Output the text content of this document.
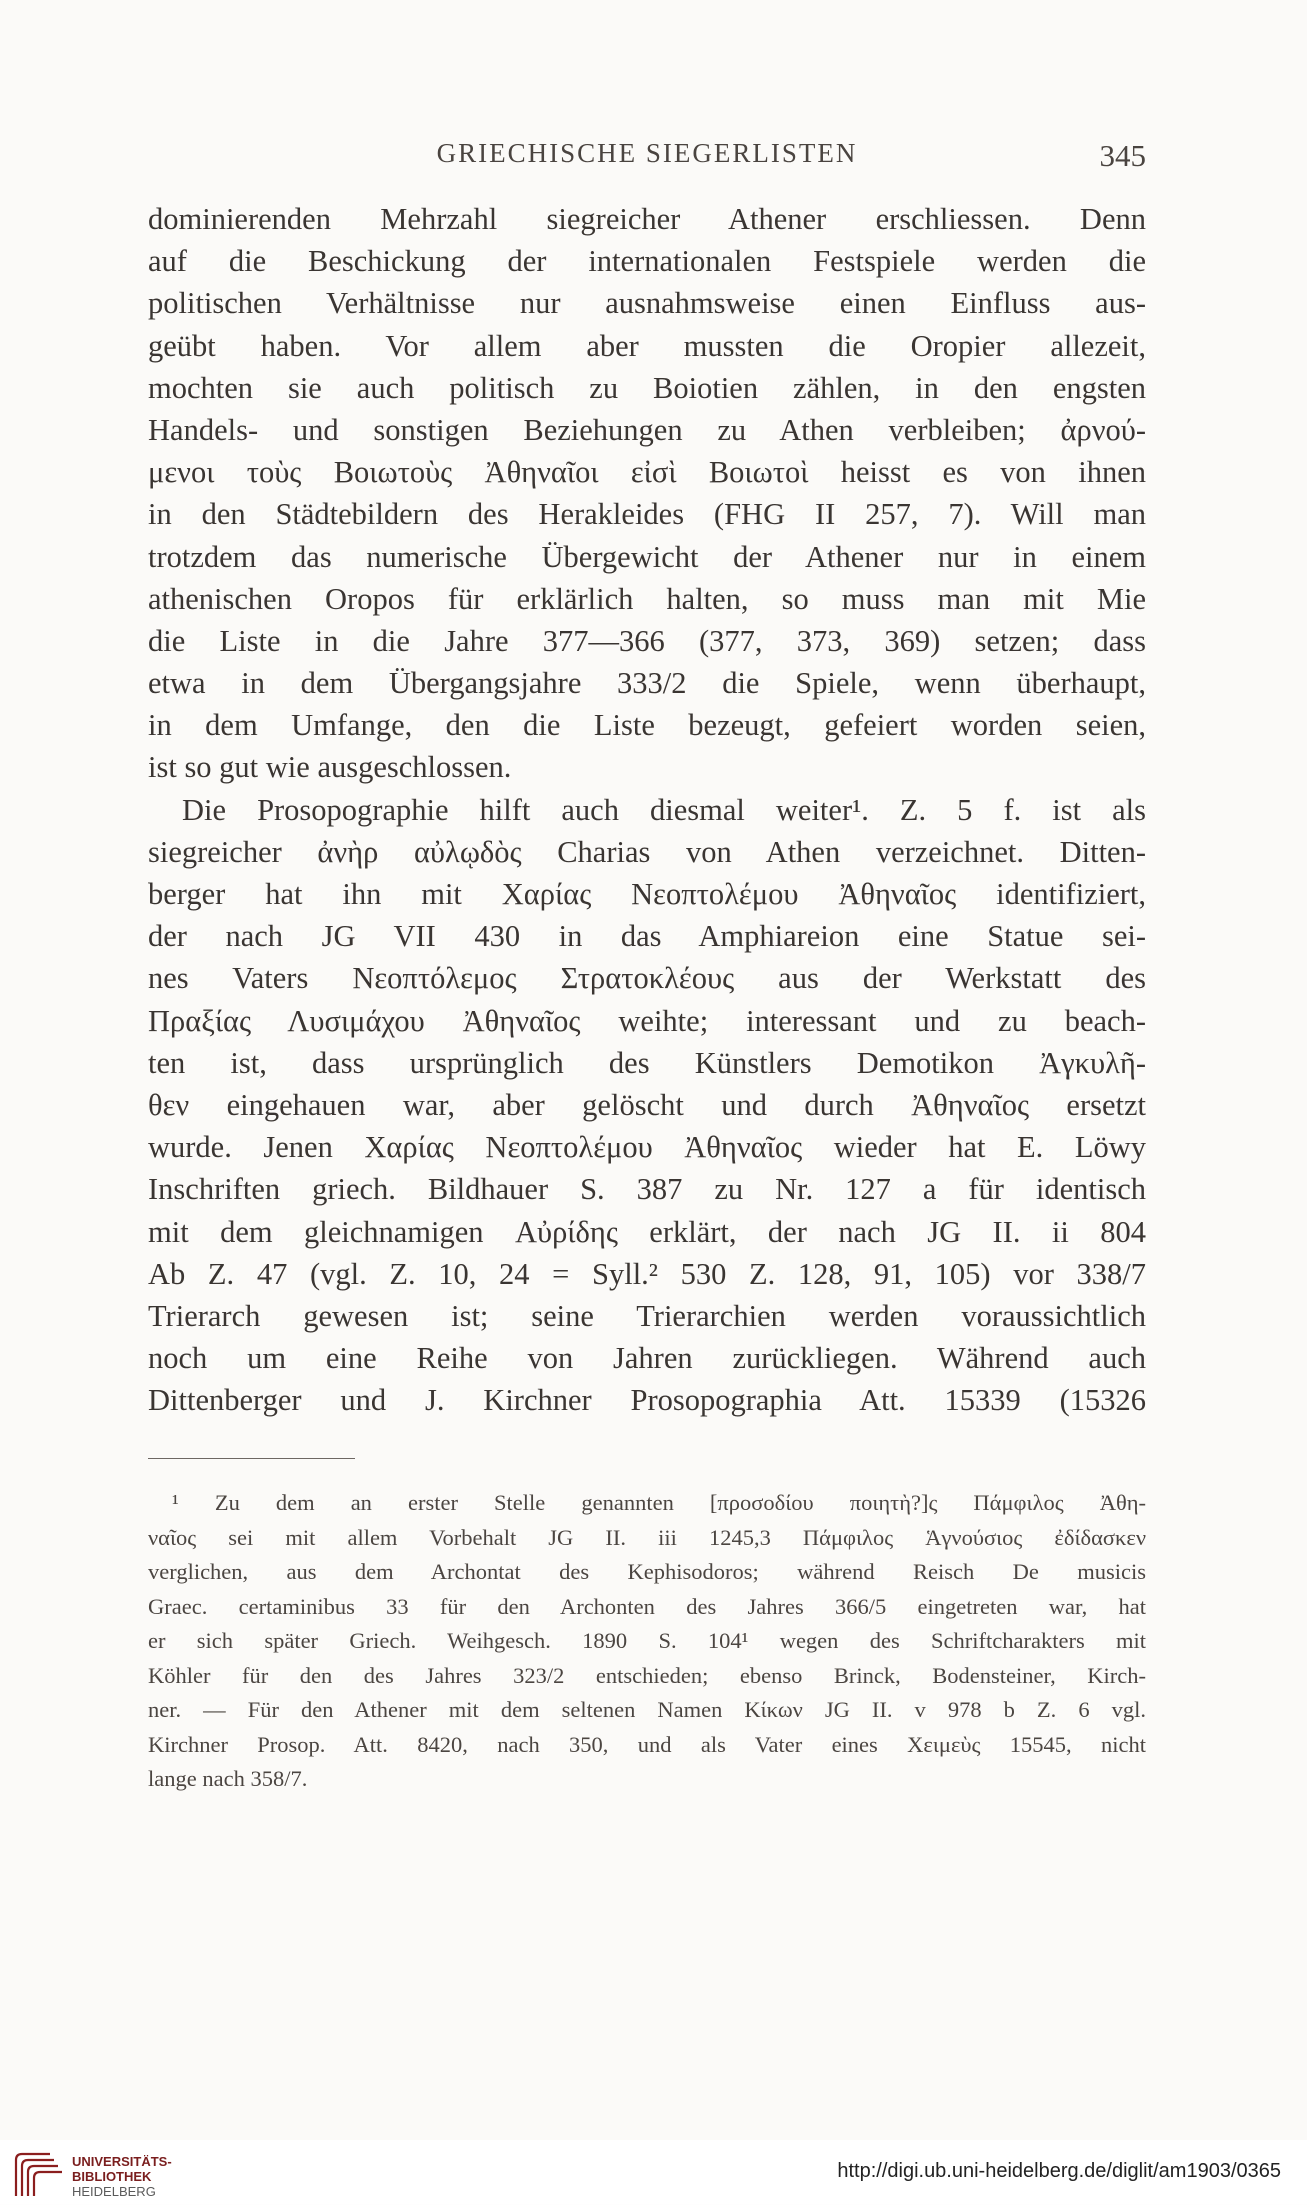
GRIECHISCHE SIEGERLISTEN	345
dominierenden Mehrzahl siegreicher Athener erschliessen. Denn
auf die Beschickung der internationalen Festspiele werden die
politischen Verhältnisse nur ausnahmsweise einen Einfluss aus-
geübt haben. Vor allem aber mussten die Oropier allezeit,
mochten sie auch politisch zu Boiotien zählen, in den engsten
Handels- und sonstigen Beziehungen zu Athen verbleiben; ἀρνού-
μενοι τοὺς Βοιωτοὺς Ἀθηναῖοι εἰσὶ Βοιωτοὶ heisst es von ihnen
in den Städtebildern des Herakleides (FHG II 257, 7). Will man
trotzdem das numerische Übergewicht der Athener nur in einem
athenischen Oropos für erklärlich halten, so muss man mit Mie
die Liste in die Jahre 377—366 (377, 373, 369) setzen; dass
etwa in dem Übergangsjahre 333/2 die Spiele, wenn überhaupt,
in dem Umfange, den die Liste bezeugt, gefeiert worden seien,
ist so gut wie ausgeschlossen.
Die Prosopographie hilft auch diesmal weiter¹. Z. 5 f. ist als
siegreicher ἀνὴρ αὐλῳδὸς Charias von Athen verzeichnet. Ditten-
berger hat ihn mit Χαρίας Νεοπτολέμου Ἀθηναῖος identifiziert,
der nach JG VII 430 in das Amphiareion eine Statue sei-
nes Vaters Νεοπτόλεμος Στρατοκλέους aus der Werkstatt des
Πραξίας Λυσιμάχου Ἀθηναῖος weihte; interessant und zu beach-
ten ist, dass ursprünglich des Künstlers Demotikon Ἀγκυλῆ-
θεν eingehauen war, aber gelöscht und durch Ἀθηναῖος ersetzt
wurde. Jenen Χαρίας Νεοπτολέμου Ἀθηναῖος wieder hat E. Löwy
Inschriften griech. Bildhauer S. 387 zu Nr. 127 a für identisch
mit dem gleichnamigen Αὐρίδης erklärt, der nach JG II. ii 804
Ab Z. 47 (vgl. Z. 10, 24 = Syll.² 530 Z. 128, 91, 105) vor 338/7
Trierarch gewesen ist; seine Trierarchien werden voraussichtlich
noch um eine Reihe von Jahren zurückliegen. Während auch
Dittenberger und J. Kirchner Prosopographia Att. 15339 (15326
¹ Zu dem an erster Stelle genannten [προσοδίου ποιητὴ?]ς Πάμφιλος Ἀθη-
ναῖος sei mit allem Vorbehalt JG II. iii 1245,3 Πάμφιλος Ἁγνούσιος ἐδίδασκεν
verglichen, aus dem Archontat des Kephisodoros; während Reisch De musicis
Graec. certaminibus 33 für den Archonten des Jahres 366/5 eingetreten war, hat
er sich später Griech. Weihgesch. 1890 S. 104¹ wegen des Schriftcharakters mit
Köhler für den des Jahres 323/2 entschieden; ebenso Brinck, Bodensteiner, Kirch-
ner. — Für den Athener mit dem seltenen Namen Κίκων JG II. v 978 b Z. 6 vgl.
Kirchner Prosop. Att. 8420, nach 350, und als Vater eines Χειμεὺς 15545, nicht
lange nach 358/7.
UNIVERSITÄTS-
BIBLIOTHEK
HEIDELBERG
http://digi.ub.uni-heidelberg.de/diglit/am1903/0365
